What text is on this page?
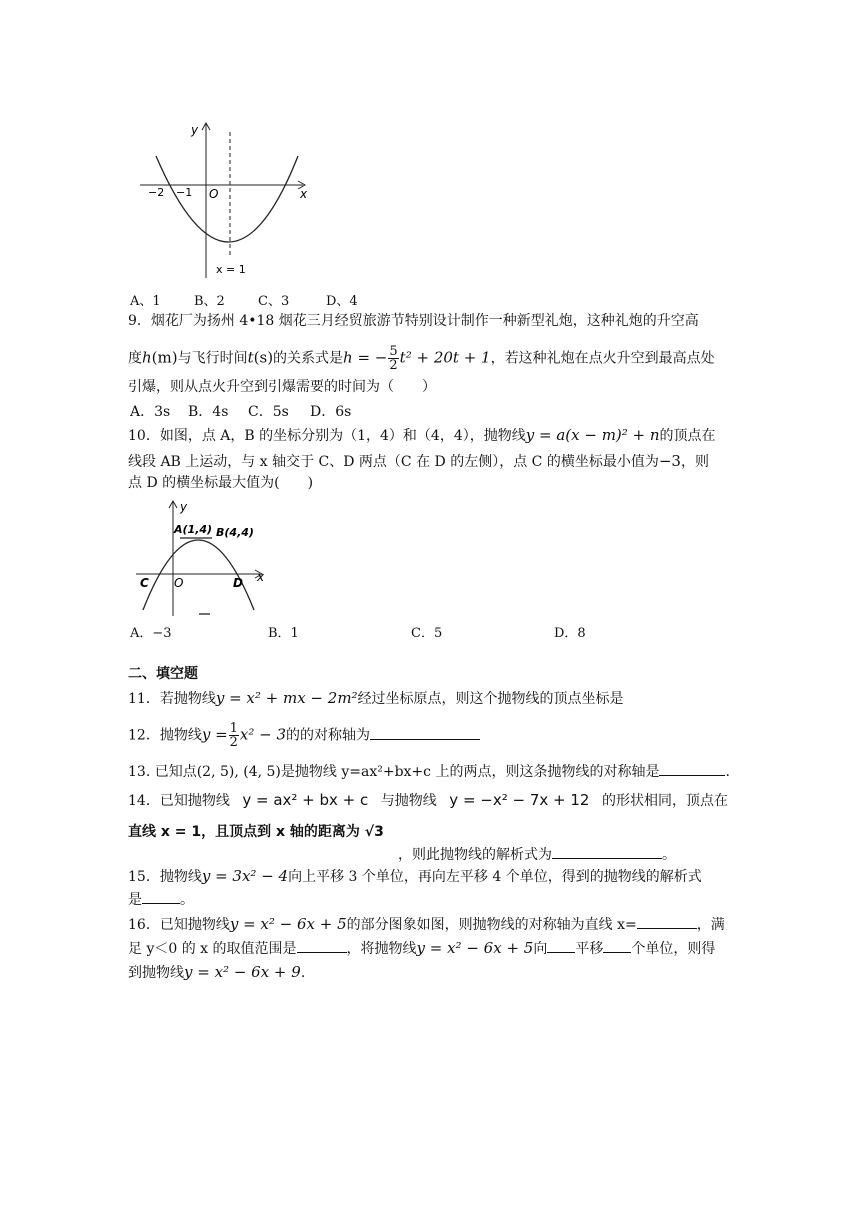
y
x
−2 −1 O
x = 1
A、1	B、2	C、3	D、4
9．烟花厂为扬州 4•18 烟花三月经贸旅游节特别设计制作一种新型礼炮，这种礼炮的升空高
度h(m)与飞行时间t(s)的关系式是h = − $\frac{5}{2} t^2 + 20t + 1$，若这种礼炮在点火升空到最高点处
引爆，则从点火升空到引爆需要的时间为（　　）
A．3s B．4s C．5s D．6s
10．如图，点 A，B 的坐标分别为（1，4）和（4，4），抛物线y = a(x − m)² + n的顶点在
线段 AB 上运动，与 x 轴交于 C、D 两点（C 在 D 的左侧），点 C 的横坐标最小值为−3，则
点 D 的横坐标最大值为(　　)
y
x
A(1,4) B(4,4)
C O	D
A．−3	B．1	C．5	D．8
二、填空题
11．若抛物线y = x² + mx − 2m²经过坐标原点，则这个抛物线的顶点坐标是
12．抛物线$y = \frac{1}{2} x^2 - 3$的的对称轴为
13. 已知点(2, 5), (4, 5)是抛物线 y=ax²+bx+c 上的两点，则这条抛物线的对称轴是	.
14．已知抛物线 y = ax² + bx + c 与抛物线 y = −x² − 7x + 12 的形状相同，顶点在
直线 x = 1，且顶点到 x 轴的距离为 √3
，则此抛物线的解析式为	。
15．抛物线y = 3x² − 4向上平移 3 个单位，再向左平移 4 个单位，得到的抛物线的解析式
是	。
16．已知抛物线y = x² − 6x + 5的部分图象如图，则抛物线的对称轴为直线 x=	，满
足 y＜0 的 x 的取值范围是	，将抛物线y = x² − 6x + 5向 平移 个单位，则得
到抛物线y = x² − 6x + 9.
